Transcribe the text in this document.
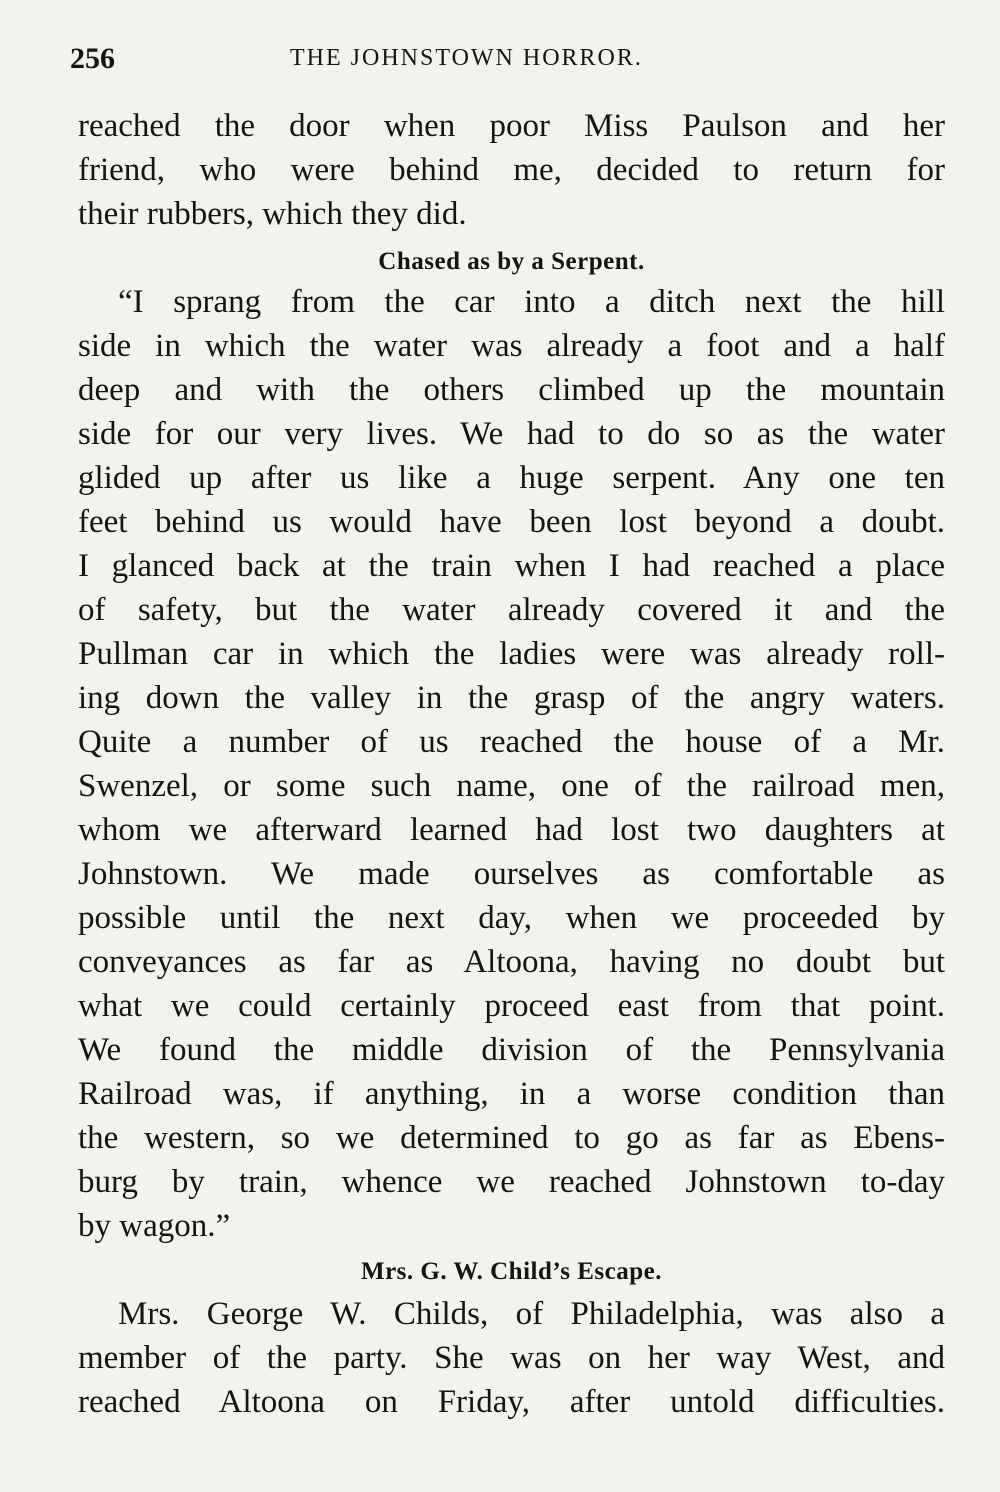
256	THE JOHNSTOWN HORROR.
reached the door when poor Miss Paulson and her
friend, who were behind me, decided to return for
their rubbers, which they did.
Chased as by a Serpent.
“I sprang from the car into a ditch next the hill
side in which the water was already a foot and a half
deep and with the others climbed up the mountain
side for our very lives. We had to do so as the water
glided up after us like a huge serpent. Any one ten
feet behind us would have been lost beyond a doubt.
I glanced back at the train when I had reached a place
of safety, but the water already covered it and the
Pullman car in which the ladies were was already roll-
ing down the valley in the grasp of the angry waters.
Quite a number of us reached the house of a Mr.
Swenzel, or some such name, one of the railroad men,
whom we afterward learned had lost two daughters at
Johnstown. We made ourselves as comfortable as
possible until the next day, when we proceeded by
conveyances as far as Altoona, having no doubt but
what we could certainly proceed east from that point.
We found the middle division of the Pennsylvania
Railroad was, if anything, in a worse condition than
the western, so we determined to go as far as Ebens-
burg by train, whence we reached Johnstown to-day
by wagon.”
Mrs. G. W. Child’s Escape.
Mrs. George W. Childs, of Philadelphia, was also a
member of the party. She was on her way West, and
reached Altoona on Friday, after untold difficulties.
